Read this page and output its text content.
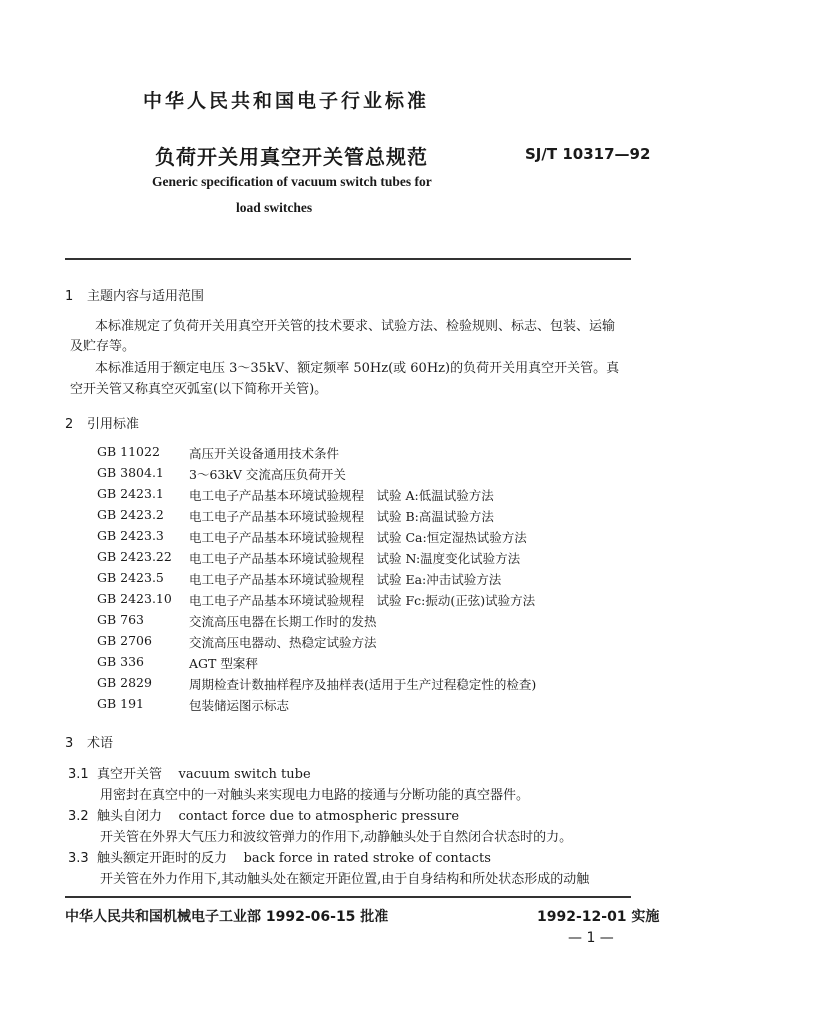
中华人民共和国电子行业标准
负荷开关用真空开关管总规范	SJ/T 10317—92
Generic specification of vacuum switch tubes for
load switches
1 主题内容与适用范围
本标准规定了负荷开关用真空开关管的技术要求、试验方法、检验规则、标志、包装、运输
及贮存等。
本标准适用于额定电压 3～35kV、额定频率 50Hz(或 60Hz)的负荷开关用真空开关管。真
空开关管又称真空灭弧室(以下简称开关管)。
2 引用标准
GB 11022 高压开关设备通用技术条件
GB 3804.1 3～63kV 交流高压负荷开关
GB 2423.1 电工电子产品基本环境试验规程　试验 A:低温试验方法
GB 2423.2 电工电子产品基本环境试验规程　试验 B:高温试验方法
GB 2423.3 电工电子产品基本环境试验规程　试验 Ca:恒定湿热试验方法
GB 2423.22 电工电子产品基本环境试验规程　试验 N:温度变化试验方法
GB 2423.5 电工电子产品基本环境试验规程　试验 Ea:冲击试验方法
GB 2423.10 电工电子产品基本环境试验规程　试验 Fc:振动(正弦)试验方法
GB 763	交流高压电器在长期工作时的发热
GB 2706	交流高压电器动、热稳定试验方法
GB 336	AGT 型案秤
GB 2829	周期检查计数抽样程序及抽样表(适用于生产过程稳定性的检查)
GB 191	包装储运图示标志
3 术语
3.1 真空开关管 vacuum switch tube
用密封在真空中的一对触头来实现电力电路的接通与分断功能的真空器件。
3.2 触头自闭力 contact force due to atmospheric pressure
开关管在外界大气压力和波纹管弹力的作用下,动静触头处于自然闭合状态时的力。
3.3 触头额定开距时的反力 back force in rated stroke of contacts
开关管在外力作用下,其动触头处在额定开距位置,由于自身结构和所处状态形成的动触
中华人民共和国机械电子工业部 1992-06-15 批准	1992-12-01 实施
— 1 —
